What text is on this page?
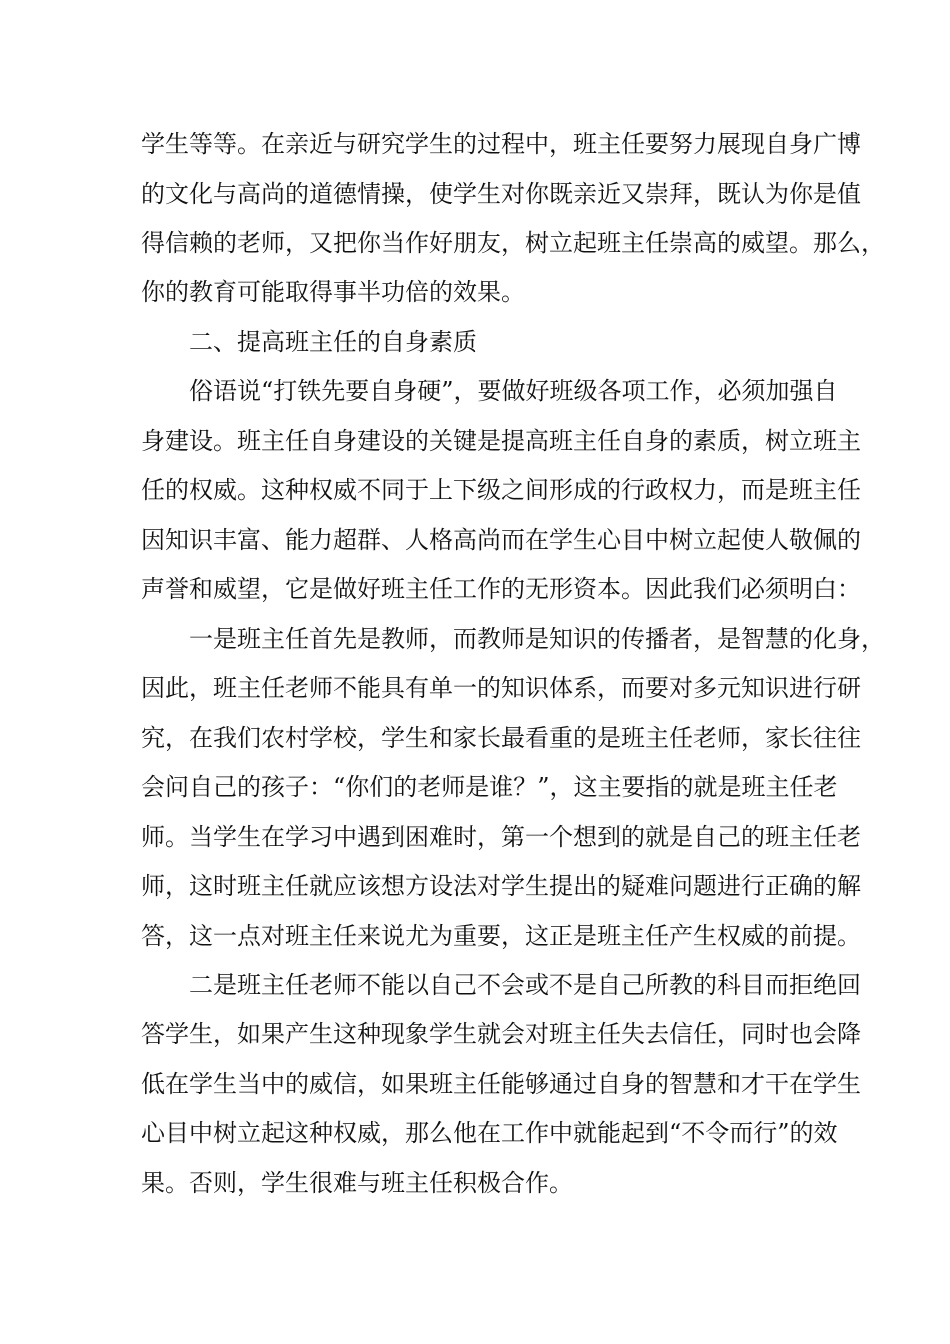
学生等等。在亲近与研究学生的过程中，班主任要努力展现自身广博
的文化与高尚的道德情操，使学生对你既亲近又崇拜，既认为你是值
得信赖的老师，又把你当作好朋友，树立起班主任崇高的威望。那么，
你的教育可能取得事半功倍的效果。
二、提高班主任的自身素质
俗语说“打铁先要自身硬”，要做好班级各项工作，必须加强自
身建设。班主任自身建设的关键是提高班主任自身的素质，树立班主
任的权威。这种权威不同于上下级之间形成的行政权力，而是班主任
因知识丰富、能力超群、人格高尚而在学生心目中树立起使人敬佩的
声誉和威望，它是做好班主任工作的无形资本。因此我们必须明白：
一是班主任首先是教师，而教师是知识的传播者，是智慧的化身，
因此，班主任老师不能具有单一的知识体系，而要对多元知识进行研
究，在我们农村学校，学生和家长最看重的是班主任老师，家长往往
会问自己的孩子：“你们的老师是谁？”，这主要指的就是班主任老
师。当学生在学习中遇到困难时，第一个想到的就是自己的班主任老
师，这时班主任就应该想方设法对学生提出的疑难问题进行正确的解
答，这一点对班主任来说尤为重要，这正是班主任产生权威的前提。
二是班主任老师不能以自己不会或不是自己所教的科目而拒绝回
答学生，如果产生这种现象学生就会对班主任失去信任，同时也会降
低在学生当中的威信，如果班主任能够通过自身的智慧和才干在学生
心目中树立起这种权威，那么他在工作中就能起到“不令而行”的效
果。否则，学生很难与班主任积极合作。
